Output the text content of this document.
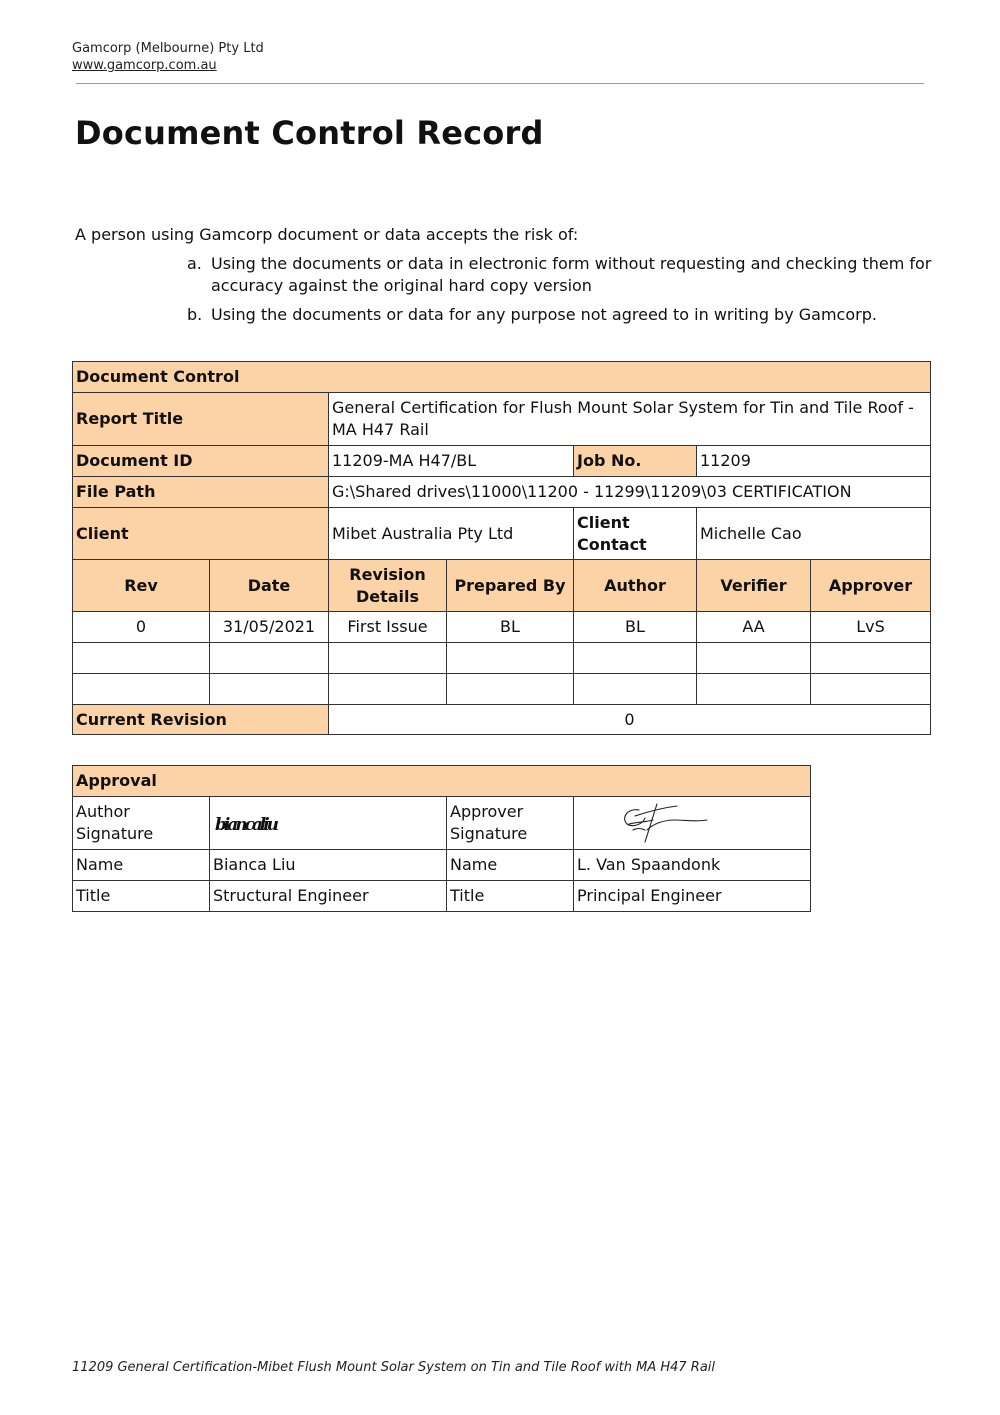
Gamcorp (Melbourne) Pty Ltd
www.gamcorp.com.au
Document Control Record
A person using Gamcorp document or data accepts the risk of:
a. Using the documents or data in electronic form without requesting and checking them for accuracy against the original hard copy version
b. Using the documents or data for any purpose not agreed to in writing by Gamcorp.
Document Control						
Report Title		General Certification for Flush Mount Solar System for Tin and Tile Roof - MA H47 Rail				
Document ID		11209-MA H47/BL		Job No.	11209	
File Path		G:\Shared drives\11000\11200 - 11299\11209\03 CERTIFICATION				
Client		Mibet Australia Pty Ltd		Client Contact	Michelle Cao	
Rev	Date	Revision Details	Prepared By	Author	Verifier	Approver
0	31/05/2021	First Issue	BL	BL	AA	LvS

Current Revision		0				
Approval			
Author Signature	biancaliu	Approver Signature	

Name	Bianca Liu	Name	L. Van Spaandonk
Title	Structural Engineer	Title	Principal Engineer
11209 General Certification-Mibet Flush Mount Solar System on Tin and Tile Roof with MA H47 Rail
